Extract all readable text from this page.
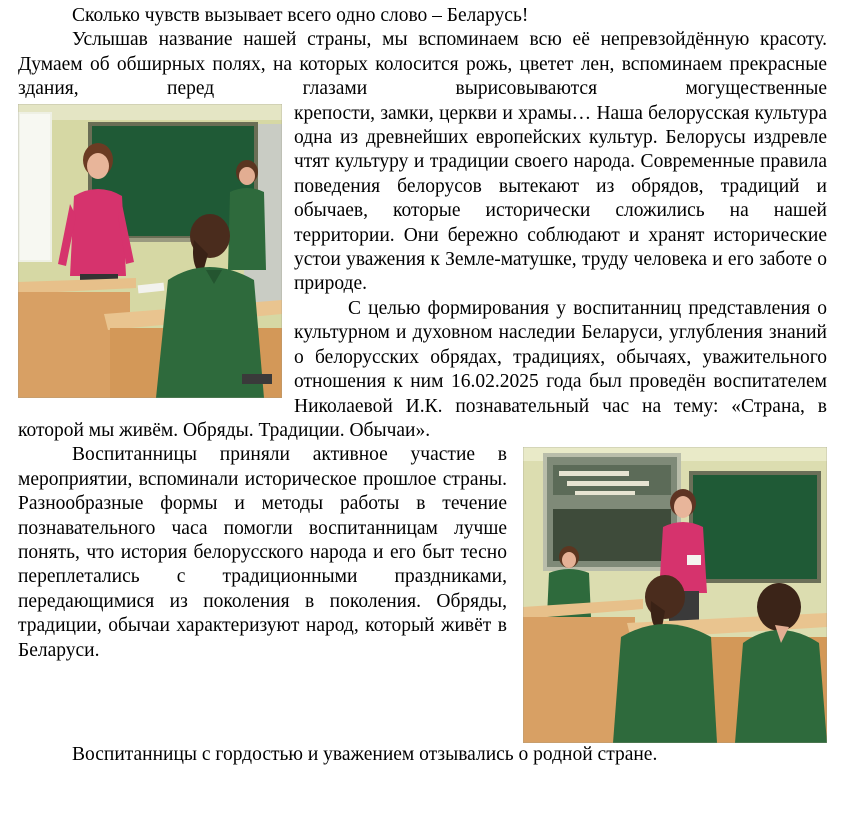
Сколько чувств вызывает всего одно слово – Беларусь!

Услышав название нашей страны, мы вспоминаем всю её непревзойдённую красоту. Думаем об обширных полях, на которых колосится рожь, цветет лен, вспоминаем прекрасные здания, перед глазами вырисовываются могущественные

крепости, замки, церкви и храмы… Наша белорусская культура одна из древнейших европейских культур. Белорусы издревле чтят культуру и традиции своего народа. Современные правила поведения белорусов вытекают из обрядов, традиций и обычаев, которые исторически сложились на нашей территории. Они бережно соблюдают и хранят исторические устои уважения к Земле-матушке, труду человека и его заботе о природе.

С целью формирования у воспитанниц представления о культурном и духовном наследии Беларуси, углубления знаний о белорусских обрядах, традициях, обычаях, уважительного отношения к ним 16.02.2025 года был проведён воспитателем Николаевой И.К. познавательный час на тему: «Страна, в которой мы живём. Обряды. Традиции. Обычаи».

Воспитанницы приняли активное участие в мероприятии, вспоминали историческое прошлое страны. Разнообразные формы и методы работы в течение познавательного часа помогли воспитанницам лучше понять, что история белорусского народа и его быт тесно переплетались с традиционными праздниками, передающимися из поколения в поколения. Обряды, традиции, обычаи характеризуют народ, который живёт в Беларуси.

Воспитанницы с гордостью и уважением отзывались о родной стране.
